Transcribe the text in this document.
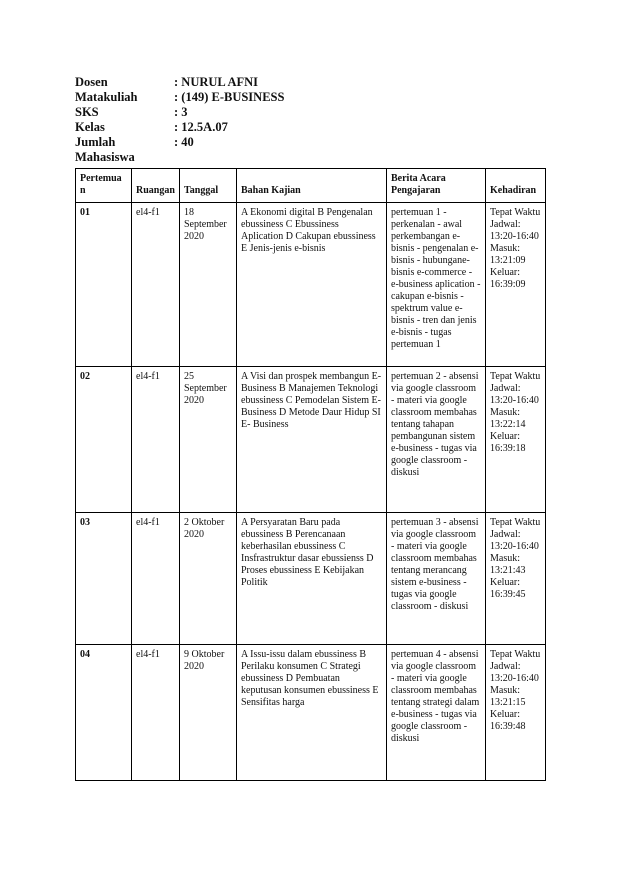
Dosen	: NURUL AFNI
Matakuliah	: (149) E-BUSINESS
SKS	: 3
Kelas	: 12.5A.07
Jumlah Mahasiswa
: 40
Pertemuan	Ruangan	Tanggal	Bahan Kajian	Berita Acara Pengajaran	Kehadiran
01	el4-f1	18 September 2020	A Ekonomi digital B Pengenalan ebussiness C Ebussiness Aplication D Cakupan ebussiness E Jenis-jenis e-bisnis	pertemuan 1 - perkenalan - awal perkembangan e-bisnis - pengenalan e-bisnis - hubungane-bisnis e-commerce - e-business aplication - cakupan e-bisnis - spektrum value e-bisnis - tren dan jenis e-bisnis - tugas pertemuan 1	Tepat Waktu Jadwal: 13:20-16:40 Masuk: 13:21:09 Keluar: 16:39:09
02	el4-f1	25 September 2020	A Visi dan prospek membangun E- Business B Manajemen Teknologi ebussiness C Pemodelan Sistem E- Business D Metode Daur Hidup SI E- Business	pertemuan 2 - absensi via google classroom - materi via google classroom membahas tentang tahapan pembangunan sistem e-business - tugas via google classroom - diskusi	Tepat Waktu Jadwal: 13:20-16:40 Masuk: 13:22:14 Keluar: 16:39:18
03	el4-f1	2 Oktober 2020	A Persyaratan Baru pada ebussiness B Perencanaan keberhasilan ebussiness C Insfrastruktur dasar ebussienss D Proses ebussiness E Kebijakan Politik	pertemuan 3 - absensi via google classroom - materi via google classroom membahas tentang merancang sistem e-business - tugas via google classroom - diskusi	Tepat Waktu Jadwal: 13:20-16:40 Masuk: 13:21:43 Keluar: 16:39:45
04	el4-f1	9 Oktober 2020	A Issu-issu dalam ebussiness B Perilaku konsumen C Strategi ebussiness D Pembuatan keputusan konsumen ebussiness E Sensifitas harga	pertemuan 4 - absensi via google classroom - materi via google classroom membahas tentang strategi dalam e-business - tugas via google classroom - diskusi	Tepat Waktu Jadwal: 13:20-16:40 Masuk: 13:21:15 Keluar: 16:39:48
